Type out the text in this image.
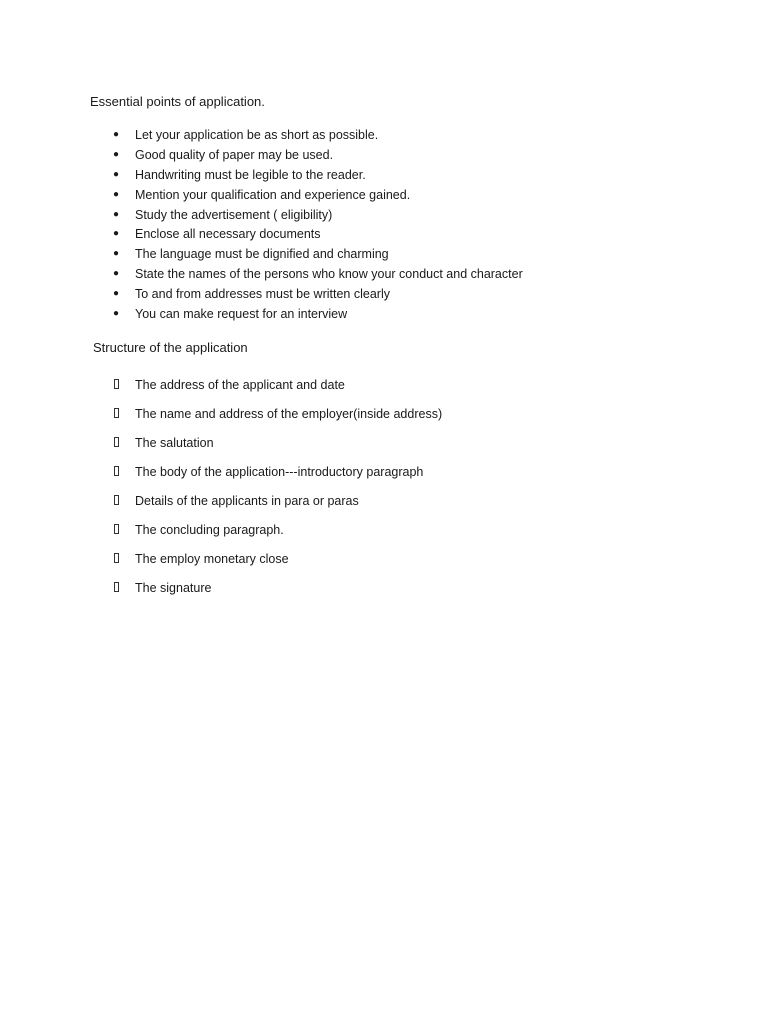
Essential points of application.
● Let your application be as short as possible.
● Good quality of paper may be used.
● Handwriting must be legible to the reader.
● Mention your qualification and experience gained.
● Study the advertisement ( eligibility)
● Enclose all necessary documents
● The language must be dignified and charming
● State the names of the persons who know your conduct and character
● To and from addresses must be written clearly
● You can make request for an interview
Structure of the application
The address of the applicant and date
The name and address of the employer(inside address)
The salutation
The body of the application---introductory paragraph
Details of the applicants in para or paras
The concluding paragraph.
The employ monetary close
The signature
